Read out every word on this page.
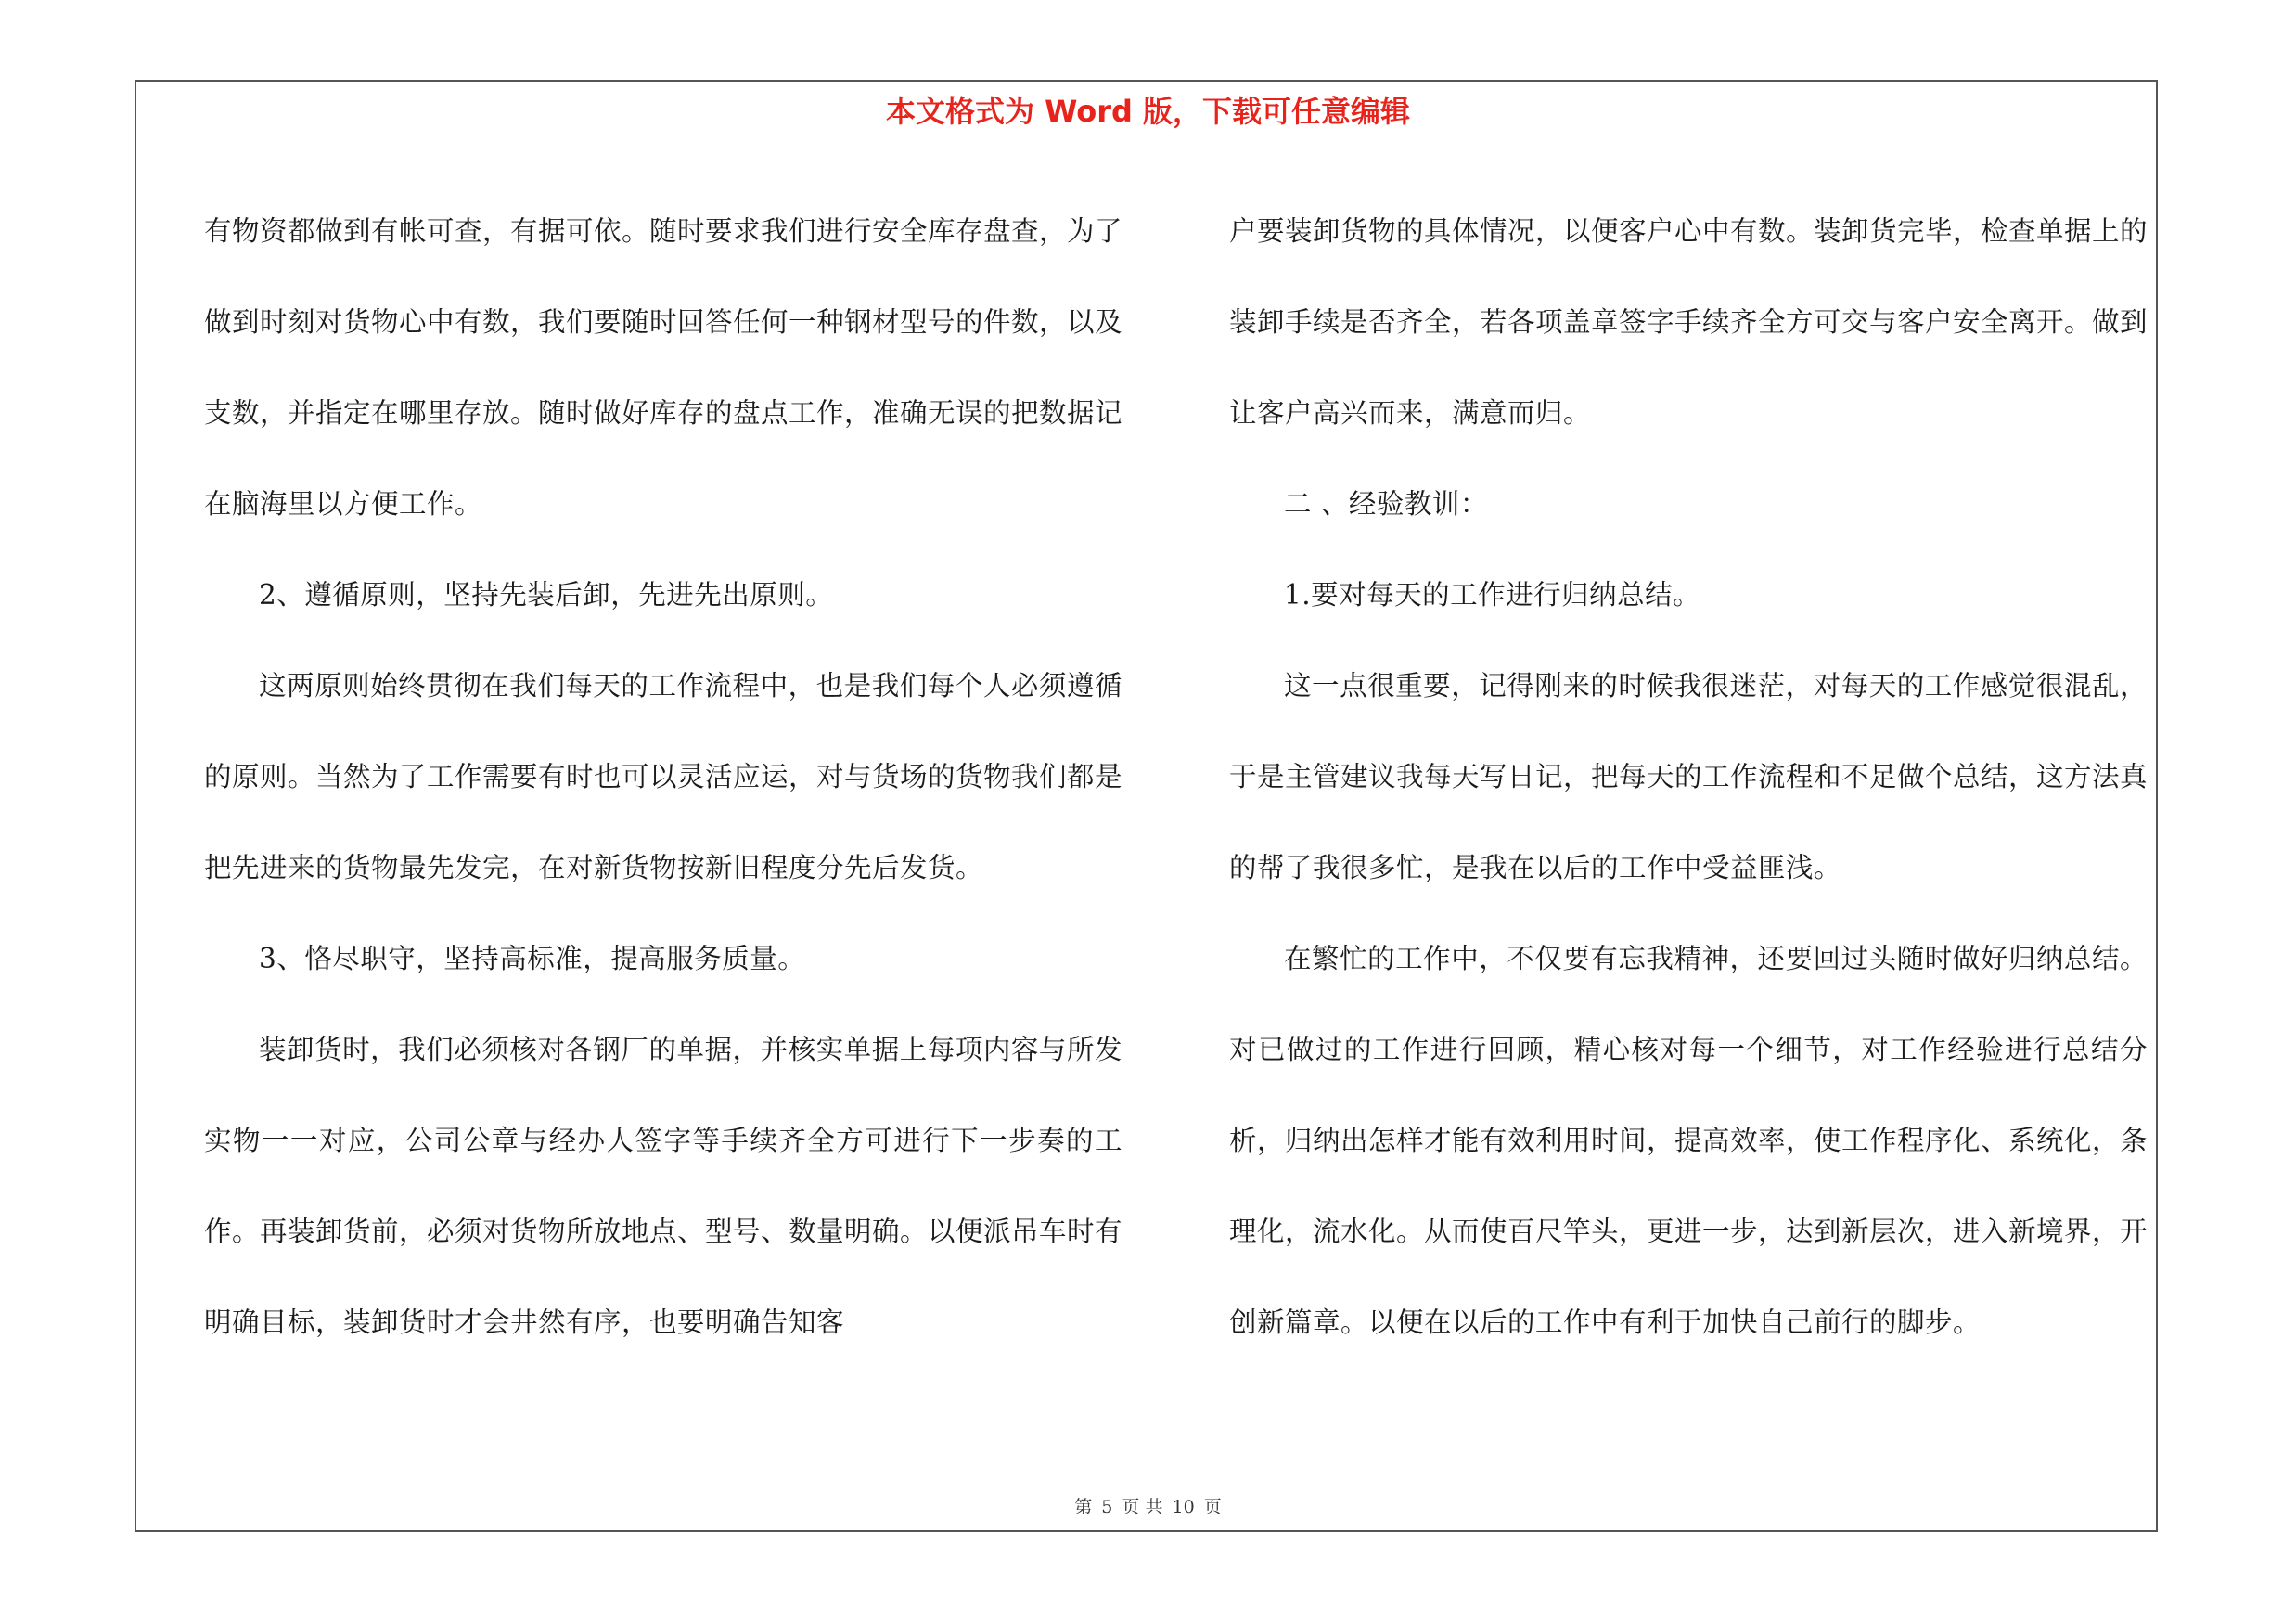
本文格式为 Word 版，下载可任意编辑

有物资都做到有帐可查，有据可依。随时要求我们进行安全库存盘查，为了做到时刻对货物心中有数，我们要随时回答任何一种钢材型号的件数，以及支数，并指定在哪里存放。随时做好库存的盘点工作，准确无误的把数据记在脑海里以方便工作。

2、遵循原则，坚持先装后卸，先进先出原则。

这两原则始终贯彻在我们每天的工作流程中，也是我们每个人必须遵循的原则。当然为了工作需要有时也可以灵活应运，对与货场的货物我们都是把先进来的货物最先发完，在对新货物按新旧程度分先后发货。

3、恪尽职守，坚持高标准，提高服务质量。

装卸货时，我们必须核对各钢厂的单据，并核实单据上每项内容与所发实物一一对应，公司公章与经办人签字等手续齐全方可进行下一步奏的工作。再装卸货前，必须对货物所放地点、型号、数量明确。以便派吊车时有明确目标，装卸货时才会井然有序，也要明确告知客

户要装卸货物的具体情况，以便客户心中有数。装卸货完毕，检查单据上的装卸手续是否齐全，若各项盖章签字手续齐全方可交与客户安全离开。做到让客户高兴而来，满意而归。

二 、经验教训：

1.要对每天的工作进行归纳总结。

这一点很重要，记得刚来的时候我很迷茫，对每天的工作感觉很混乱，于是主管建议我每天写日记，把每天的工作流程和不足做个总结，这方法真的帮了我很多忙，是我在以后的工作中受益匪浅。

在繁忙的工作中，不仅要有忘我精神，还要回过头随时做好归纳总结。对已做过的工作进行回顾，精心核对每一个细节，对工作经验进行总结分析，归纳出怎样才能有效利用时间，提高效率，使工作程序化、系统化，条理化，流水化。从而使百尺竿头，更进一步，达到新层次，进入新境界，开创新篇章。以便在以后的工作中有利于加快自己前行的脚步。

第 5 页 共 10 页
